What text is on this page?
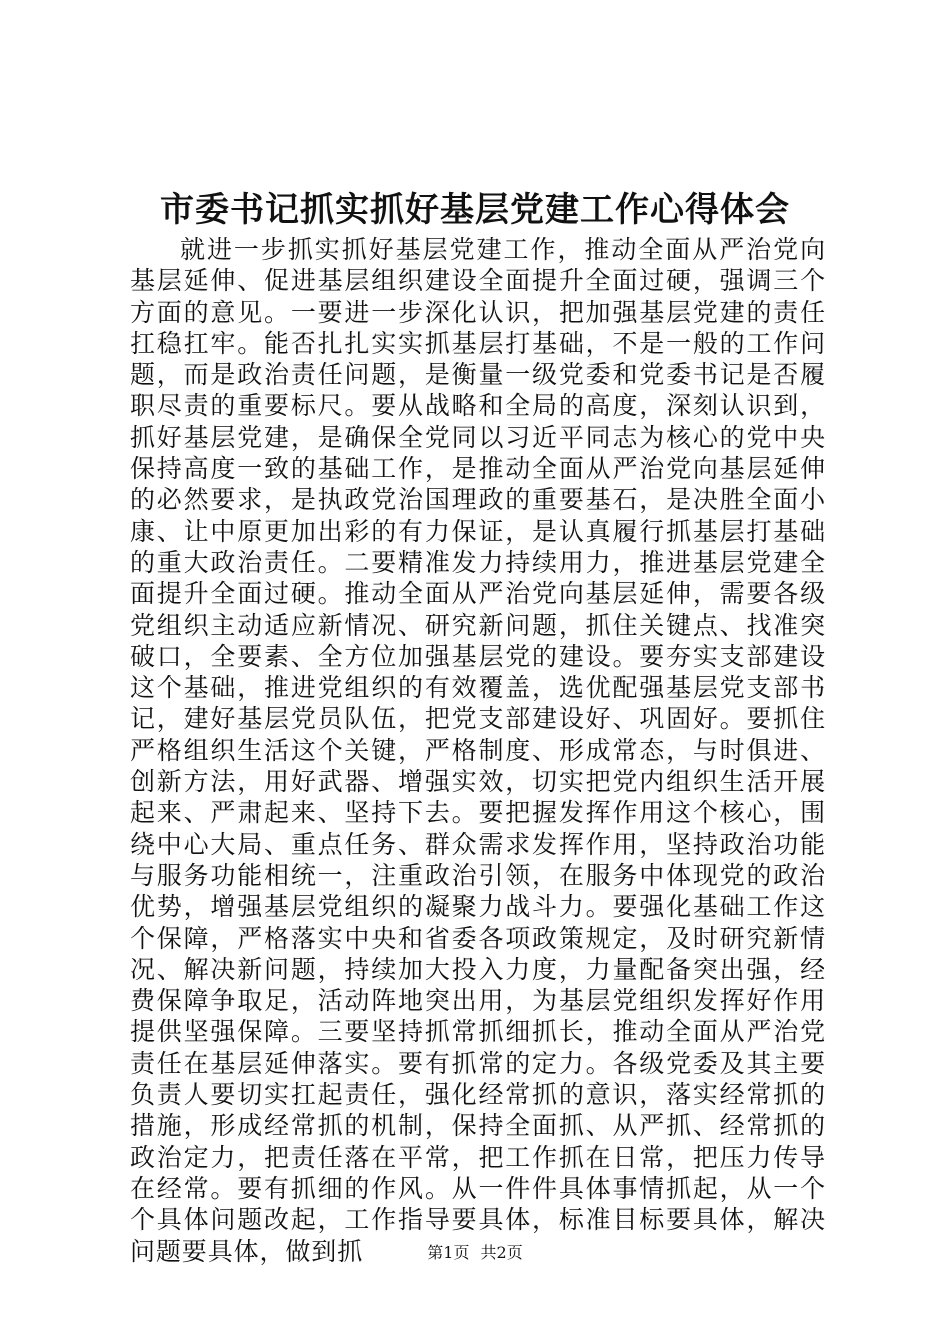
市委书记抓实抓好基层党建工作心得体会

就进一步抓实抓好基层党建工作，推动全面从严治党向基层延伸、促进基层组织建设全面提升全面过硬，强调三个方面的意见。一要进一步深化认识，把加强基层党建的责任扛稳扛牢。能否扎扎实实抓基层打基础，不是一般的工作问题，而是政治责任问题，是衡量一级党委和党委书记是否履职尽责的重要标尺。要从战略和全局的高度，深刻认识到，抓好基层党建，是确保全党同以习近平同志为核心的党中央保持高度一致的基础工作，是推动全面从严治党向基层延伸的必然要求，是执政党治国理政的重要基石，是决胜全面小康、让中原更加出彩的有力保证，是认真履行抓基层打基础的重大政治责任。二要精准发力持续用力，推进基层党建全面提升全面过硬。推动全面从严治党向基层延伸，需要各级党组织主动适应新情况、研究新问题，抓住关键点、找准突破口，全要素、全方位加强基层党的建设。要夯实支部建设这个基础，推进党组织的有效覆盖，选优配强基层党支部书记，建好基层党员队伍，把党支部建设好、巩固好。要抓住严格组织生活这个关键，严格制度、形成常态，与时俱进、创新方法，用好武器、增强实效，切实把党内组织生活开展起来、严肃起来、坚持下去。要把握发挥作用这个核心，围绕中心大局、重点任务、群众需求发挥作用，坚持政治功能与服务功能相统一，注重政治引领，在服务中体现党的政治优势，增强基层党组织的凝聚力战斗力。要强化基础工作这个保障，严格落实中央和省委各项政策规定，及时研究新情况、解决新问题，持续加大投入力度，力量配备突出强，经费保障争取足，活动阵地突出用，为基层党组织发挥好作用提供坚强保障。三要坚持抓常抓细抓长，推动全面从严治党责任在基层延伸落实。要有抓常的定力。各级党委及其主要负责人要切实扛起责任，强化经常抓的意识，落实经常抓的措施，形成经常抓的机制，保持全面抓、从严抓、经常抓的政治定力，把责任落在平常，把工作抓在日常，把压力传导在经常。要有抓细的作风。从一件件具体事情抓起，从一个个具体问题改起，工作指导要具体，标准目标要具体，解决问题要具体，做到抓	第1页 共2页
